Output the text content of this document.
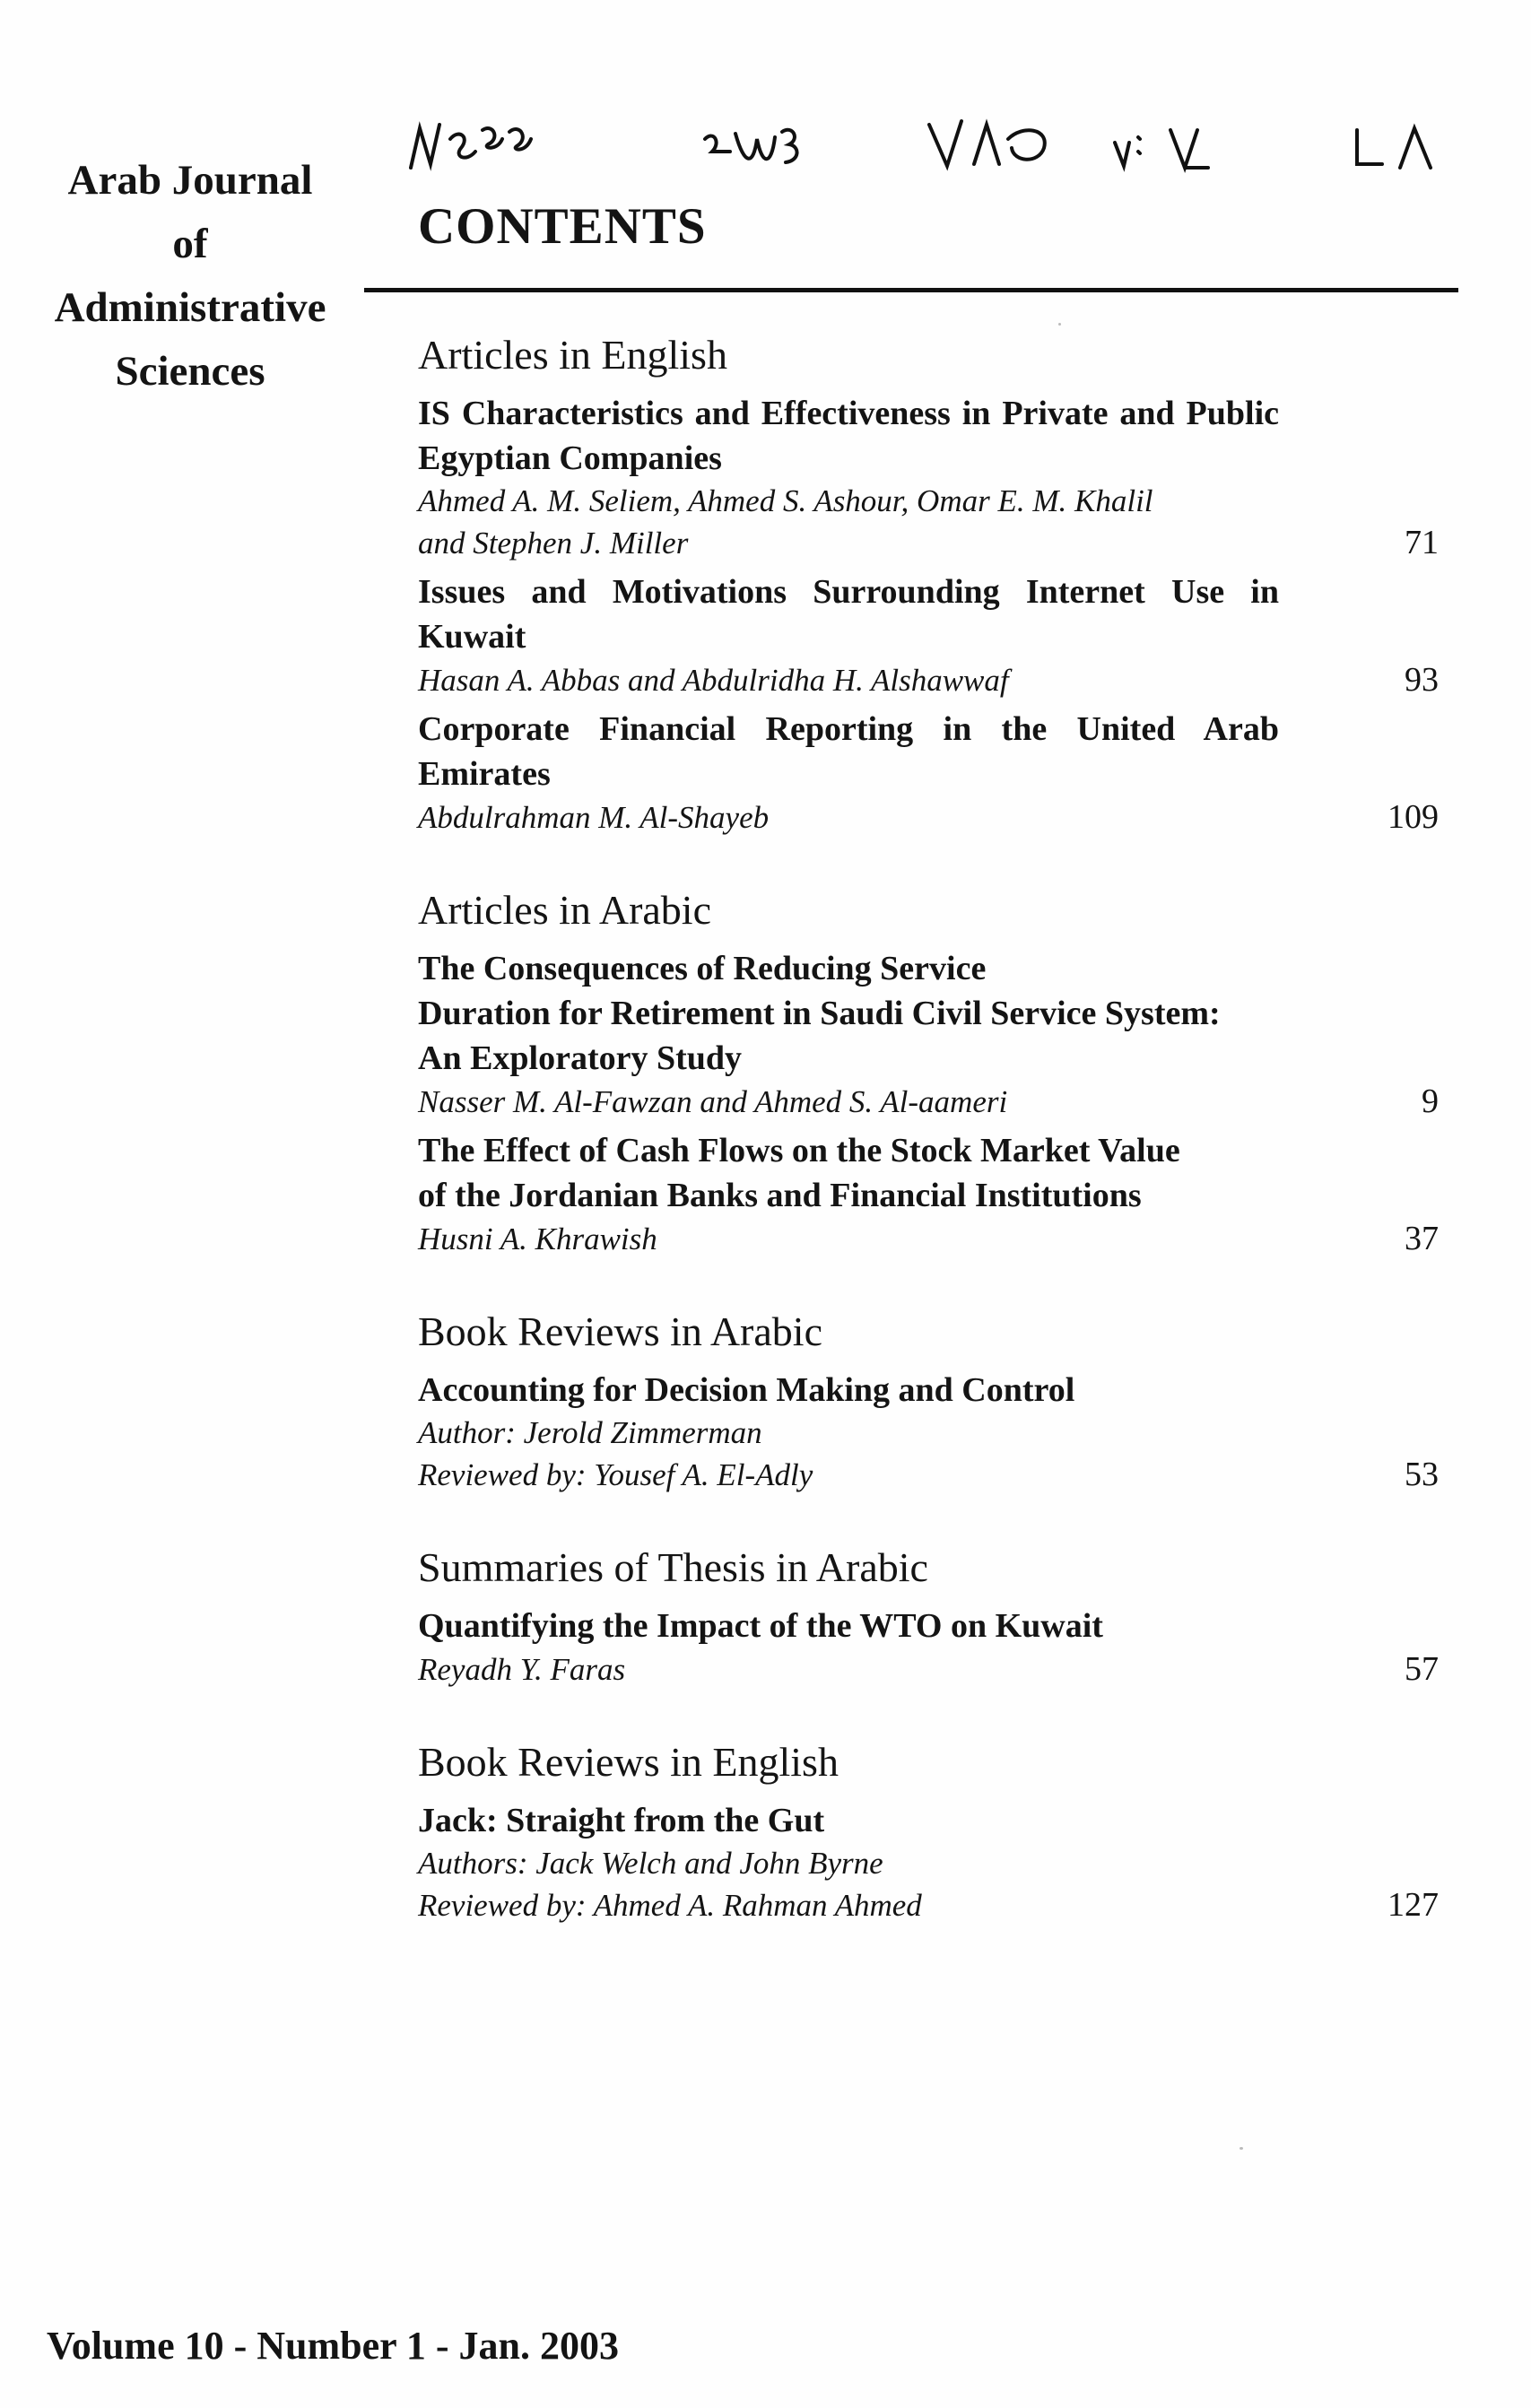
Arab Journal
of
Administrative
Sciences
CONTENTS
Articles in English
IS Characteristics and Effectiveness in Private and Public Egyptian Companies
Ahmed A. M. Seliem, Ahmed S. Ashour, Omar E. M. Khalil
and Stephen J. Miller	71
Issues and Motivations Surrounding Internet Use in Kuwait
Hasan A. Abbas and Abdulridha H. Alshawwaf	93
Corporate Financial Reporting in the United Arab Emirates
Abdulrahman M. Al-Shayeb	109
Articles in Arabic
The Consequences of Reducing Service
Duration for Retirement in Saudi Civil Service System:
An Exploratory Study
Nasser M. Al-Fawzan and Ahmed S. Al-aameri	9
The Effect of Cash Flows on the Stock Market Value
of the Jordanian Banks and Financial Institutions
Husni A. Khrawish	37
Book Reviews in Arabic
Accounting for Decision Making and Control
Author: Jerold Zimmerman
Reviewed by: Yousef A. El-Adly	53
Summaries of Thesis in Arabic
Quantifying the Impact of the WTO on Kuwait
Reyadh Y. Faras	57
Book Reviews in English
Jack: Straight from the Gut
Authors: Jack Welch and John Byrne
Reviewed by: Ahmed A. Rahman Ahmed	127
Volume 10 - Number 1 - Jan. 2003
